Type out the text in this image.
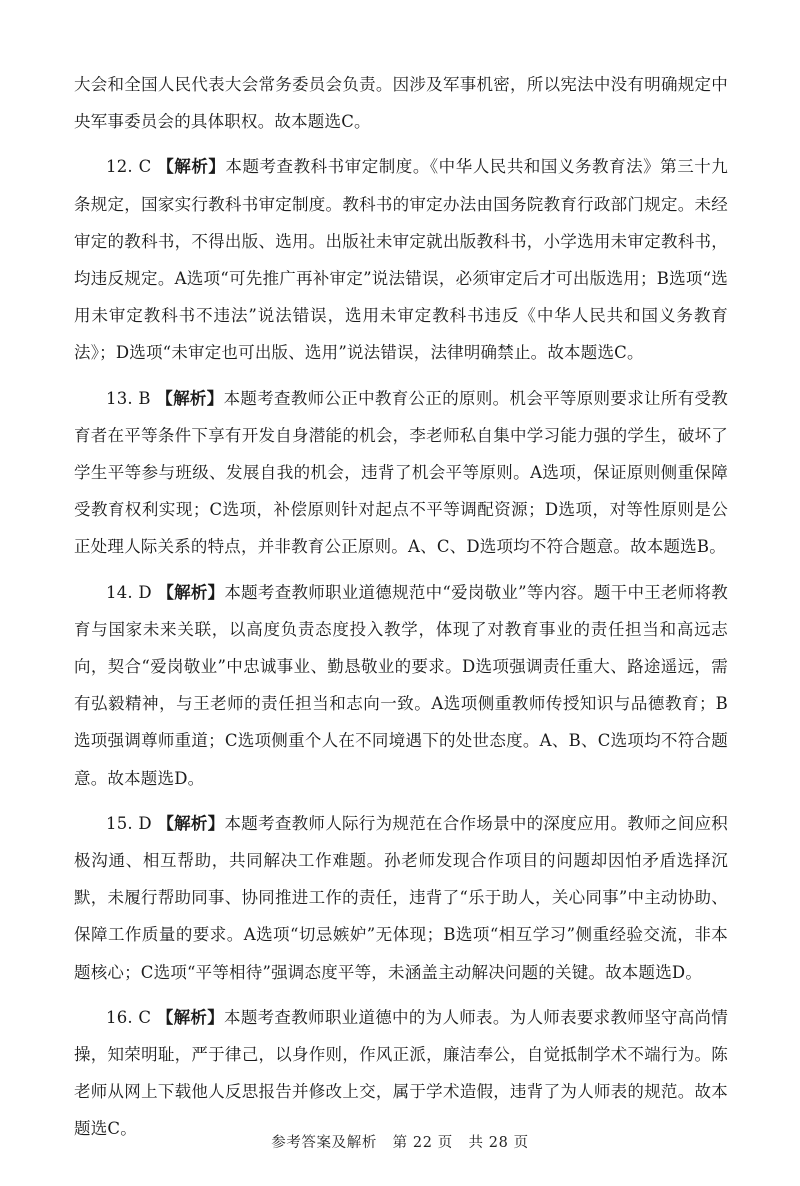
大会和全国人民代表大会常务委员会负责。因涉及军事机密，所以宪法中没有明确规定中央军事委员会的具体职权。故本题选C。

12. C 【解析】本题考查教科书审定制度。《中华人民共和国义务教育法》第三十九条规定，国家实行教科书审定制度。教科书的审定办法由国务院教育行政部门规定。未经审定的教科书，不得出版、选用。出版社未审定就出版教科书，小学选用未审定教科书，均违反规定。A选项“可先推广再补审定”说法错误，必须审定后才可出版选用；B选项“选用未审定教科书不违法”说法错误，选用未审定教科书违反《中华人民共和国义务教育法》；D选项“未审定也可出版、选用”说法错误，法律明确禁止。故本题选C。

13. B 【解析】本题考查教师公正中教育公正的原则。机会平等原则要求让所有受教育者在平等条件下享有开发自身潜能的机会，李老师私自集中学习能力强的学生，破坏了学生平等参与班级、发展自我的机会，违背了机会平等原则。A选项，保证原则侧重保障受教育权利实现；C选项，补偿原则针对起点不平等调配资源；D选项，对等性原则是公正处理人际关系的特点，并非教育公正原则。A、C、D选项均不符合题意。故本题选B。

14. D 【解析】本题考查教师职业道德规范中“爱岗敬业”等内容。题干中王老师将教育与国家未来关联，以高度负责态度投入教学，体现了对教育事业的责任担当和高远志向，契合“爱岗敬业”中忠诚事业、勤恳敬业的要求。D选项强调责任重大、路途遥远，需有弘毅精神，与王老师的责任担当和志向一致。A选项侧重教师传授知识与品德教育；B选项强调尊师重道；C选项侧重个人在不同境遇下的处世态度。A、B、C选项均不符合题意。故本题选D。

15. D 【解析】本题考查教师人际行为规范在合作场景中的深度应用。教师之间应积极沟通、相互帮助，共同解决工作难题。孙老师发现合作项目的问题却因怕矛盾选择沉默，未履行帮助同事、协同推进工作的责任，违背了“乐于助人，关心同事”中主动协助、保障工作质量的要求。A选项“切忌嫉妒”无体现；B选项“相互学习”侧重经验交流，非本题核心；C选项“平等相待”强调态度平等，未涵盖主动解决问题的关键。故本题选D。

16. C 【解析】本题考查教师职业道德中的为人师表。为人师表要求教师坚守高尚情操，知荣明耻，严于律己，以身作则，作风正派，廉洁奉公，自觉抵制学术不端行为。陈老师从网上下载他人反思报告并修改上交，属于学术造假，违背了为人师表的规范。故本题选C。

参考答案及解析 第 22 页 共 28 页
